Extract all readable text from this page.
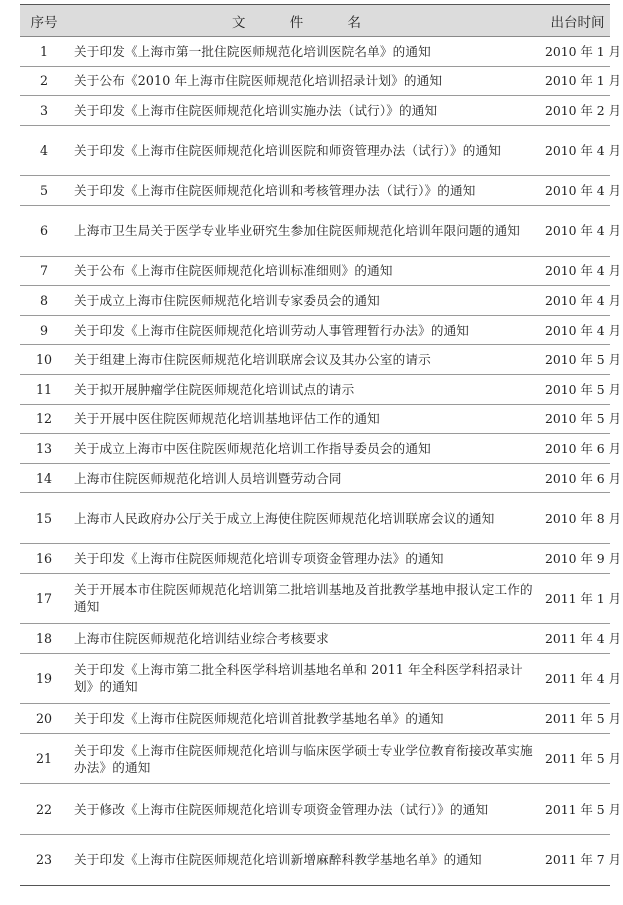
序号	文 件 名	出台时间
1	关于印发《上海市第一批住院医师规范化培训医院名单》的通知	2010 年 1 月
2	关于公布《2010 年上海市住院医师规范化培训招录计划》的通知	2010 年 1 月
3	关于印发《上海市住院医师规范化培训实施办法（试行）》的通知	2010 年 2 月
4	关于印发《上海市住院医师规范化培训医院和师资管理办法（试行）》的通知	2010 年 4 月
5	关于印发《上海市住院医师规范化培训和考核管理办法（试行）》的通知	2010 年 4 月
6	上海市卫生局关于医学专业毕业研究生参加住院医师规范化培训年限问题的通知	2010 年 4 月
7	关于公布《上海市住院医师规范化培训标准细则》的通知	2010 年 4 月
8	关于成立上海市住院医师规范化培训专家委员会的通知	2010 年 4 月
9	关于印发《上海市住院医师规范化培训劳动人事管理暂行办法》的通知	2010 年 4 月
10	关于组建上海市住院医师规范化培训联席会议及其办公室的请示	2010 年 5 月
11	关于拟开展肿瘤学住院医师规范化培训试点的请示	2010 年 5 月
12	关于开展中医住院医师规范化培训基地评估工作的通知	2010 年 5 月
13	关于成立上海市中医住院医师规范化培训工作指导委员会的通知	2010 年 6 月
14	上海市住院医师规范化培训人员培训暨劳动合同	2010 年 6 月
15	上海市人民政府办公厅关于成立上海使住院医师规范化培训联席会议的通知	2010 年 8 月
16	关于印发《上海市住院医师规范化培训专项资金管理办法》的通知	2010 年 9 月
17	关于开展本市住院医师规范化培训第二批培训基地及首批教学基地申报认定工作的通知	2011 年 1 月
18	上海市住院医师规范化培训结业综合考核要求	2011 年 4 月
19	关于印发《上海市第二批全科医学科培训基地名单和 2011 年全科医学科招录计划》的通知	2011 年 4 月
20	关于印发《上海市住院医师规范化培训首批教学基地名单》的通知	2011 年 5 月
21	关于印发《上海市住院医师规范化培训与临床医学硕士专业学位教育衔接改革实施办法》的通知	2011 年 5 月
22	关于修改《上海市住院医师规范化培训专项资金管理办法（试行）》的通知	2011 年 5 月
23	关于印发《上海市住院医师规范化培训新增麻醉科教学基地名单》的通知	2011 年 7 月
